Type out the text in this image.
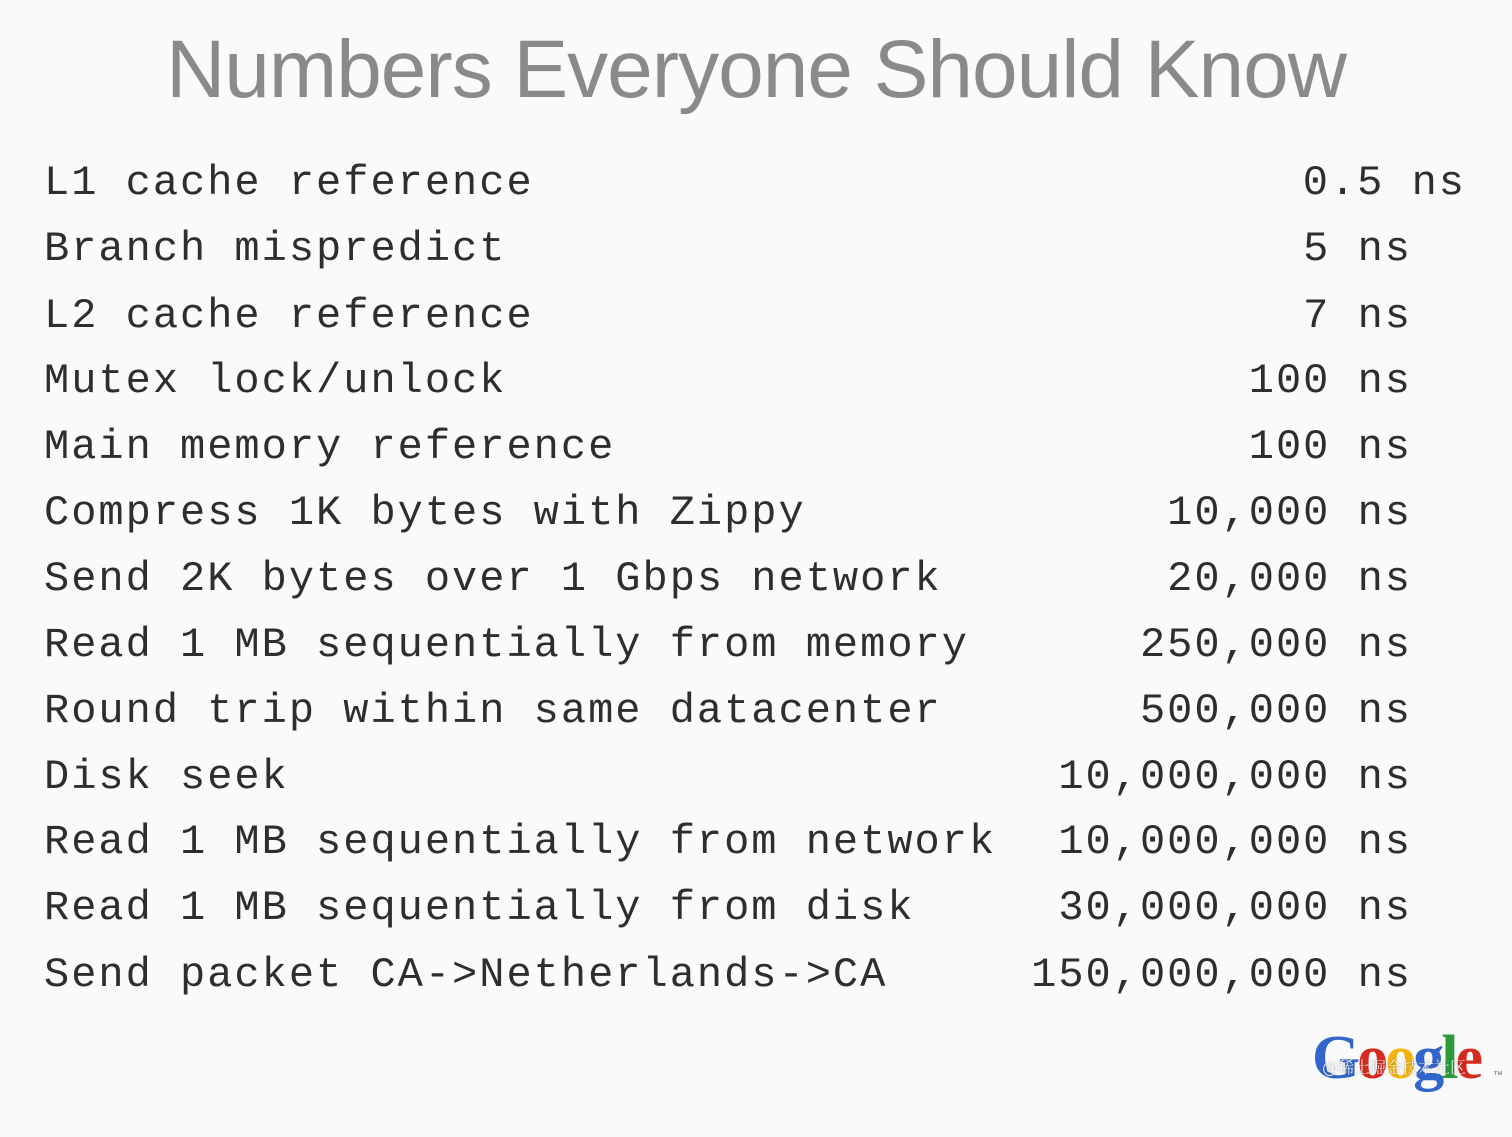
Numbers Everyone Should Know

L1 cache reference

	0.5 ns

Branch mispredict

	5 ns

L2 cache reference

	7 ns

Mutex lock/unlock

	100 ns

Main memory reference

	100 ns

Compress 1K bytes with Zippy

	10,000 ns

Send 2K bytes over 1 Gbps network

	20,000 ns

Read 1 MB sequentially from memory

	250,000 ns

Round trip within same datacenter

	500,000 ns

Disk seek

	10,000,000 ns

Read 1 MB sequentially from network

10,000,000 ns

Read 1 MB sequentially from disk

	30,000,000 ns

Send packet CA->Netherlands->CA

	150,000,000 ns

Google ™
@稀土掘金技术社区
